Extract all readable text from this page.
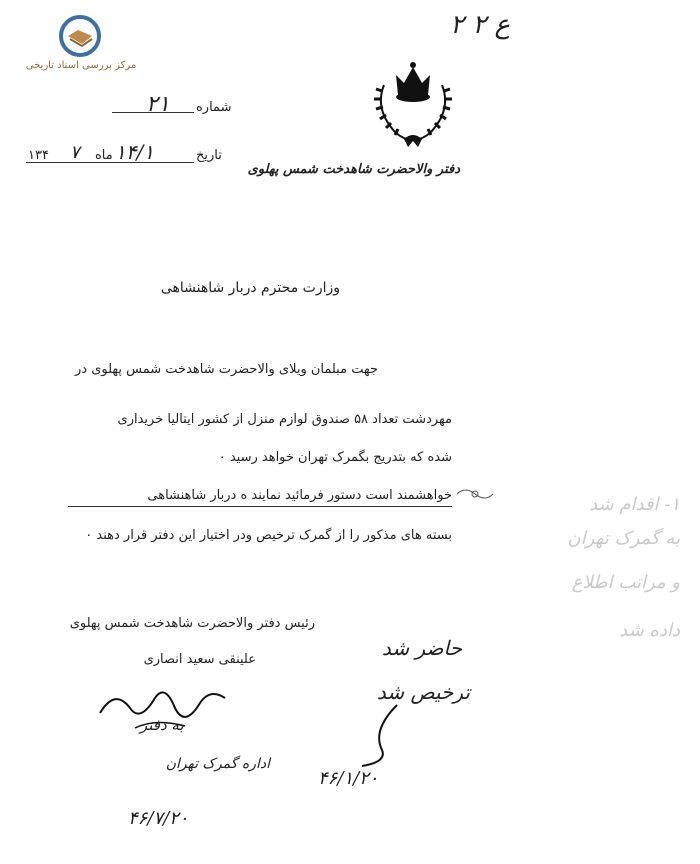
مرکز بررسی اسناد تاریخی
۲ ع ۲
شماره
۲۱
تاریخ
۱۴/۱
ماه
۷
۱۳۴
دفتر والاحضرت شاهدخت شمس پهلوی
وزارت محترم دربار شاهنشاهی
جهت مبلمان ویلای والاحضرت شاهدخت شمس پهلوی در
مهردشت تعداد ۵۸ صندوق لوازم منزل از کشور ایتالیا خریداری
شده که بتدریج بگمرک تهران خواهد رسید ۰
خواهشمند است دستور فرمائید نمایند ه دربار شاهنشاهی
بسته های مذکور را از گمرک ترخیص ودر اختیار این دفتر قرار دهند ۰
رئیس دفتر والاحضرت شاهدخت شمس پهلوی
علینقی سعید انصاری
به دفتر
اداره گمرک تهران
۴۶/۷/۲۰
حاضر شد
ترخیص شد
۴۶/۱/۲۰
۱- اقدام شد
به گمرک تهران
و مراتب اطلاع
داده شد
